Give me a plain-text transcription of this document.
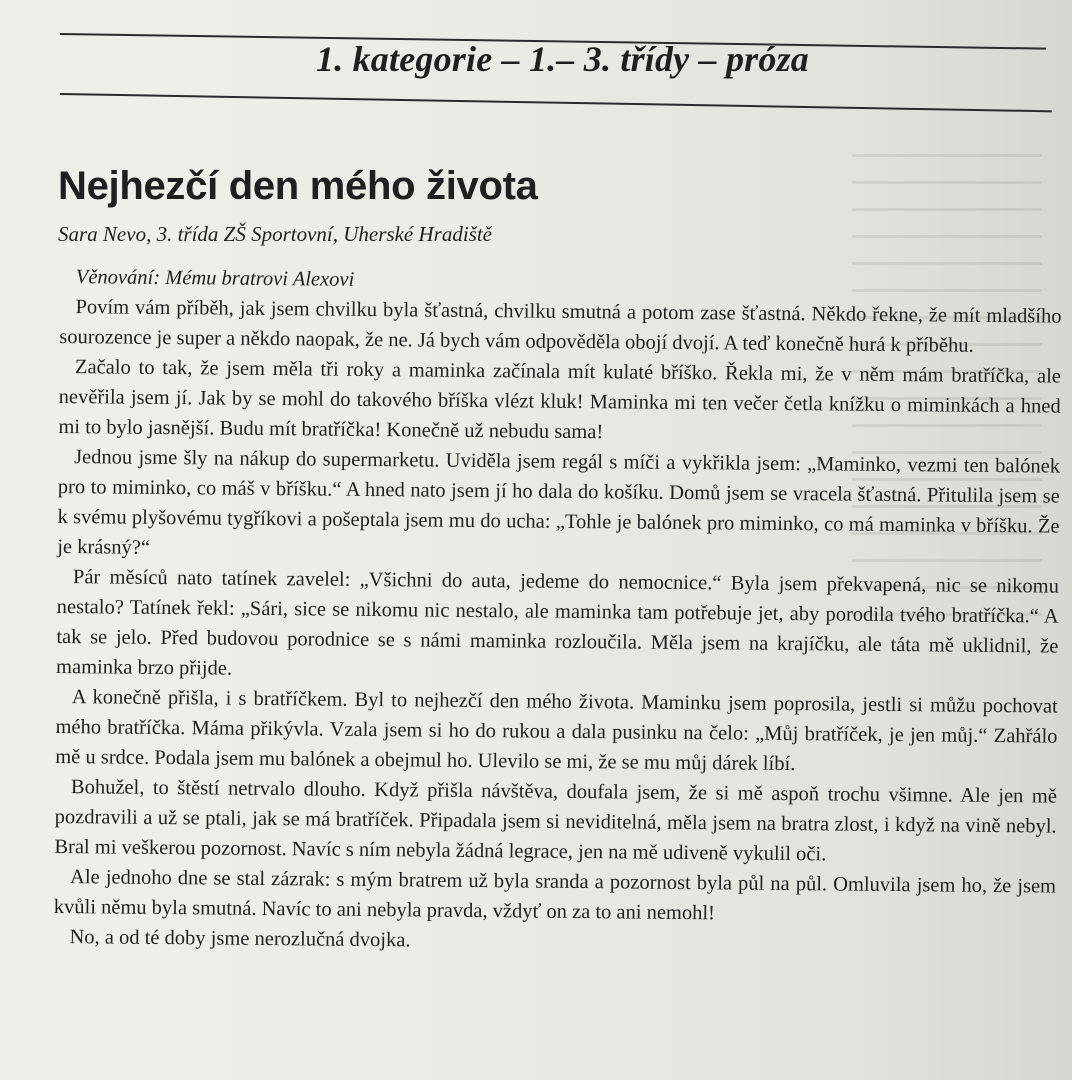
1. kategorie – 1.– 3. třídy – próza
Nejhezčí den mého života
Sara Nevo, 3. třída ZŠ Sportovní, Uherské Hradiště

Věnování: Mému bratrovi Alexovi

Povím vám příběh, jak jsem chvilku byla šťastná, chvilku smutná a potom zase šťastná. Někdo řekne, že mít mladšího sourozence je super a někdo naopak, že ne. Já bych vám odpověděla obojí dvojí. A teď konečně hurá k příběhu.

Začalo to tak, že jsem měla tři roky a maminka začínala mít kulaté bříško. Řekla mi, že v něm mám bratříčka, ale nevěřila jsem jí. Jak by se mohl do takového bříška vlézt kluk! Maminka mi ten večer četla knížku o miminkách a hned mi to bylo jasnější. Budu mít bratříčka! Konečně už nebudu sama!

Jednou jsme šly na nákup do supermarketu. Uviděla jsem regál s míči a vykřikla jsem: „Maminko, vezmi ten balónek pro to miminko, co máš v bříšku.“ A hned nato jsem jí ho dala do košíku. Domů jsem se vracela šťastná. Přitulila jsem se k svému plyšovému tygříkovi a pošeptala jsem mu do ucha: „Tohle je balónek pro miminko, co má maminka v bříšku. Že je krásný?“

Pár měsíců nato tatínek zavelel: „Všichni do auta, jedeme do nemocnice.“ Byla jsem překvapená, nic se nikomu nestalo? Tatínek řekl: „Sári, sice se nikomu nic nestalo, ale maminka tam potřebuje jet, aby porodila tvého bratříčka.“ A tak se jelo. Před budovou porodnice se s námi maminka rozloučila. Měla jsem na krajíčku, ale táta mě uklidnil, že maminka brzo přijde.

A konečně přišla, i s bratříčkem. Byl to nejhezčí den mého života. Maminku jsem poprosila, jestli si můžu pochovat mého bratříčka. Máma přikývla. Vzala jsem si ho do rukou a dala pusinku na čelo: „Můj bratříček, je jen můj.“ Zahřálo mě u srdce. Podala jsem mu balónek a obejmul ho. Ulevilo se mi, že se mu můj dárek líbí.

Bohužel, to štěstí netrvalo dlouho. Když přišla návštěva, doufala jsem, že si mě aspoň trochu všimne. Ale jen mě pozdravili a už se ptali, jak se má bratříček. Připadala jsem si neviditelná, měla jsem na bratra zlost, i když na vině nebyl. Bral mi veškerou pozornost. Navíc s ním nebyla žádná legrace, jen na mě udiveně vykulil oči.

Ale jednoho dne se stal zázrak: s mým bratrem už byla sranda a pozornost byla půl na půl. Omluvila jsem ho, že jsem kvůli němu byla smutná. Navíc to ani nebyla pravda, vždyť on za to ani nemohl!

No, a od té doby jsme nerozlučná dvojka.
